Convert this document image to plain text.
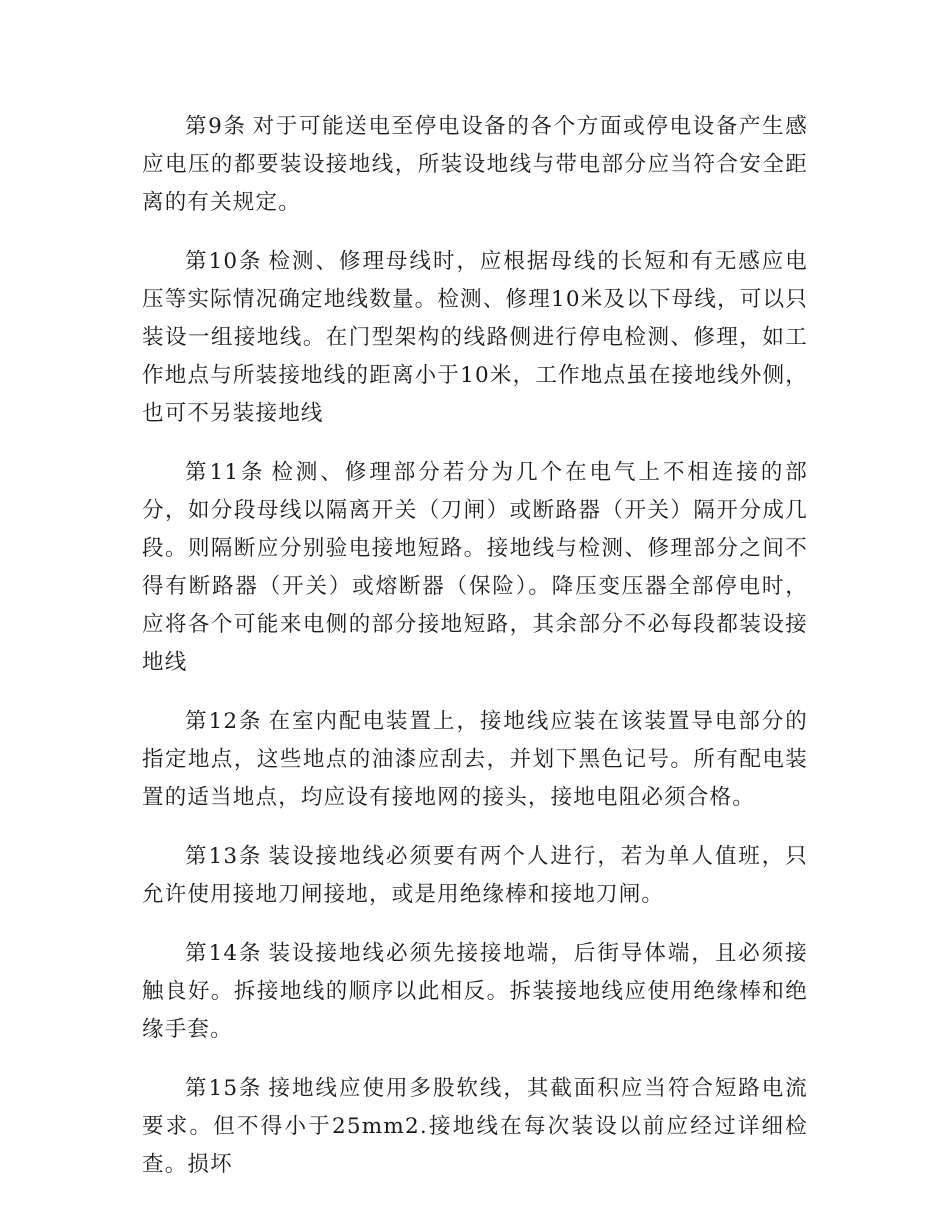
第9条 对于可能送电至停电设备的各个方面或停电设备产生感应电压的都要装设接地线，所装设地线与带电部分应当符合安全距离的有关规定。

第10条 检测、修理母线时，应根据母线的长短和有无感应电压等实际情况确定地线数量。检测、修理10米及以下母线，可以只装设一组接地线。在门型架构的线路侧进行停电检测、修理，如工作地点与所装接地线的距离小于10米，工作地点虽在接地线外侧，也可不另装接地线

第11条 检测、修理部分若分为几个在电气上不相连接的部分，如分段母线以隔离开关（刀闸）或断路器（开关）隔开分成几段。则隔断应分别验电接地短路。接地线与检测、修理部分之间不得有断路器（开关）或熔断器（保险）。降压变压器全部停电时，应将各个可能来电侧的部分接地短路，其余部分不必每段都装设接地线

第12条 在室内配电装置上，接地线应装在该装置导电部分的指定地点，这些地点的油漆应刮去，并划下黑色记号。所有配电装置的适当地点，均应设有接地网的接头，接地电阻必须合格。

第13条 装设接地线必须要有两个人进行，若为单人值班，只允许使用接地刀闸接地，或是用绝缘棒和接地刀闸。

第14条 装设接地线必须先接接地端，后街导体端，且必须接触良好。拆接地线的顺序以此相反。拆装接地线应使用绝缘棒和绝缘手套。

第15条 接地线应使用多股软线，其截面积应当符合短路电流要求。但不得小于25mm2.接地线在每次装设以前应经过详细检查。损坏
